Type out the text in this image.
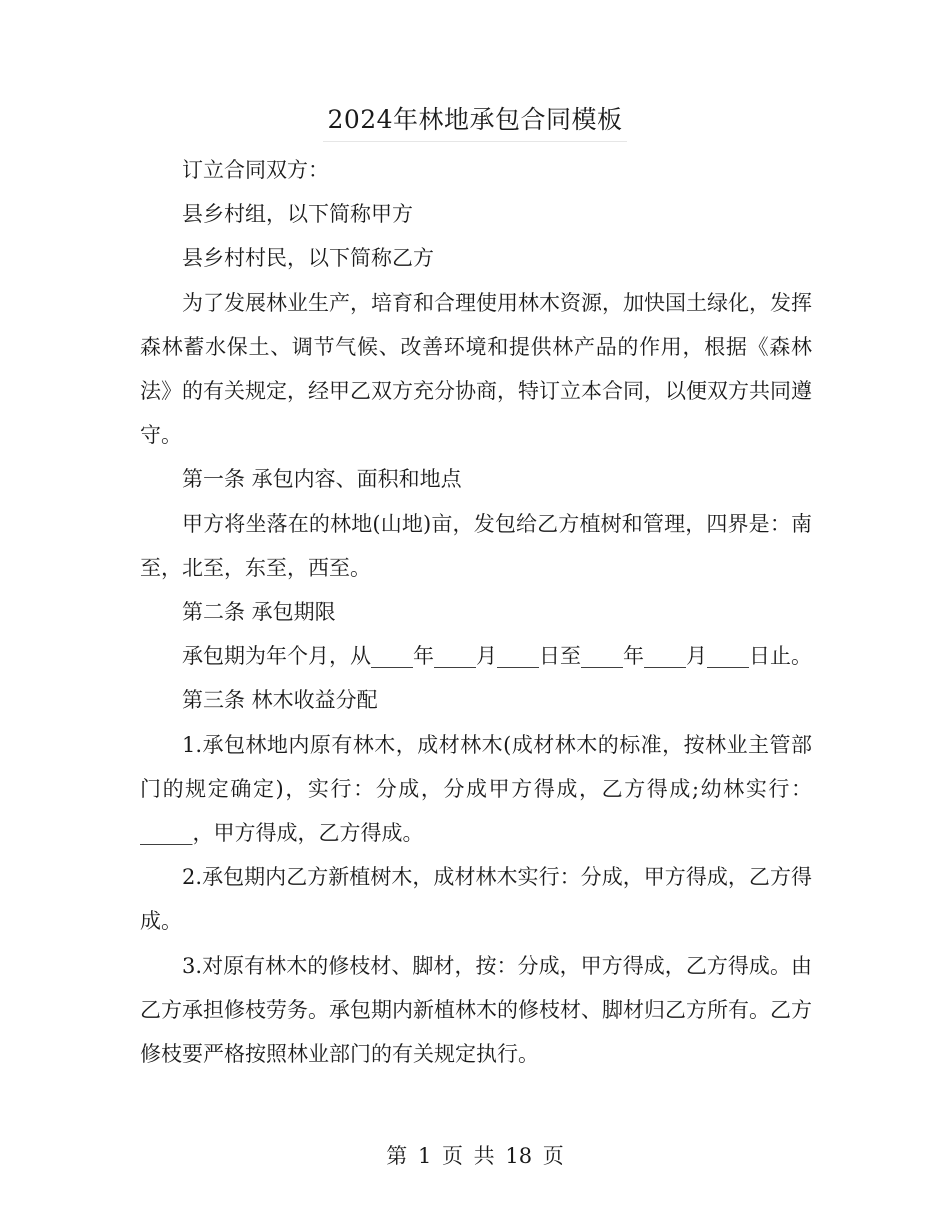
2024年林地承包合同模板

订立合同双方：

县乡村组，以下简称甲方

县乡村村民，以下简称乙方

为了发展林业生产，培育和合理使用林木资源，加快国土绿化，发挥森林蓄水保土、调节气候、改善环境和提供林产品的作用，根据《森林法》的有关规定，经甲乙双方充分协商，特订立本合同，以便双方共同遵守。

第一条 承包内容、面积和地点

甲方将坐落在的林地(山地)亩，发包给乙方植树和管理，四界是：南至，北至，东至，西至。

第二条 承包期限

承包期为年个月，从____年____月____日至____年____月____日止。

第三条 林木收益分配

1.承包林地内原有林木，成材林木(成材林木的标准，按林业主管部门的规定确定)，实行：分成，分成甲方得成，乙方得成;幼林实行：_____，甲方得成，乙方得成。

2.承包期内乙方新植树木，成材林木实行：分成，甲方得成，乙方得成。

3.对原有林木的修枝材、脚材，按：分成，甲方得成，乙方得成。由乙方承担修枝劳务。承包期内新植林木的修枝材、脚材归乙方所有。乙方修枝要严格按照林业部门的有关规定执行。

第 1 页 共 18 页
